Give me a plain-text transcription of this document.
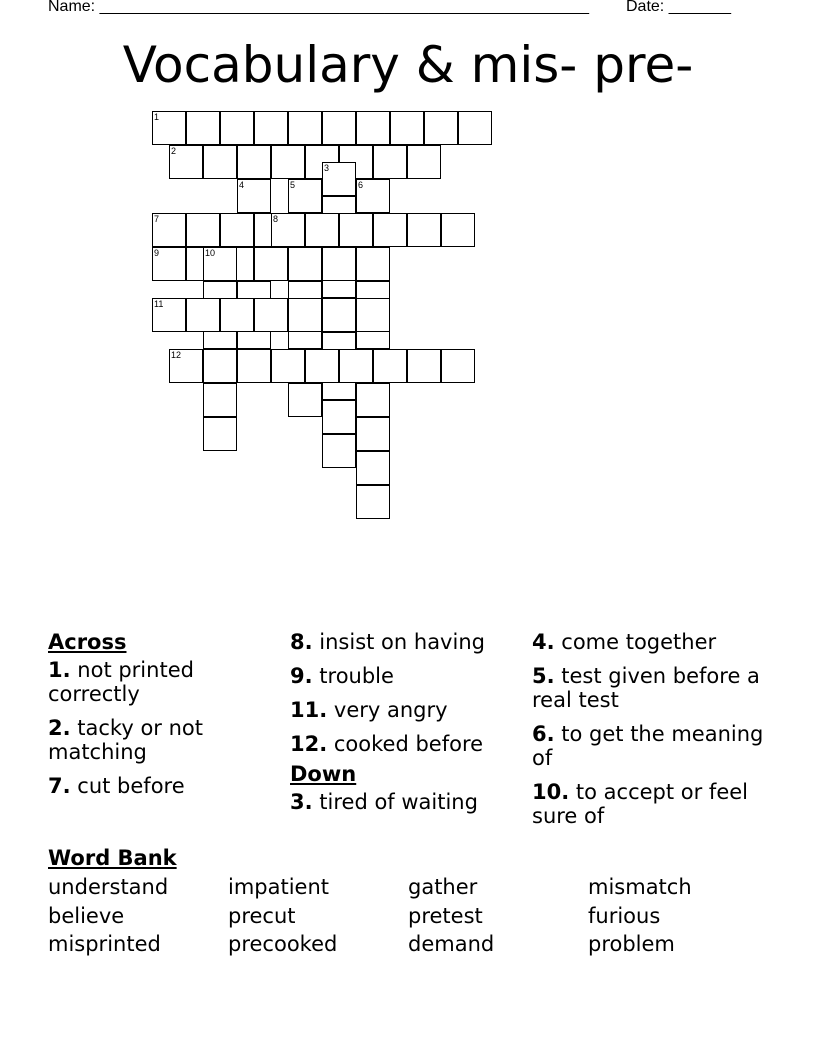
Name: _______________________________________________________ Date: _______
Vocabulary & mis- pre-
1
2
3
4	5	6
7	8
9	10
11
12
Across
1. not printed correctly
2. tacky or not matching
7. cut before
8. insist on having
9. trouble
11. very angry
12. cooked before
Down
3. tired of waiting
4. come together
5. test given before a real test
6. to get the meaning of
10. to accept or feel sure of
Word Bank
understand	impatient	gather	mismatch
believe	precut	pretest	furious
misprinted	precooked	demand	problem
